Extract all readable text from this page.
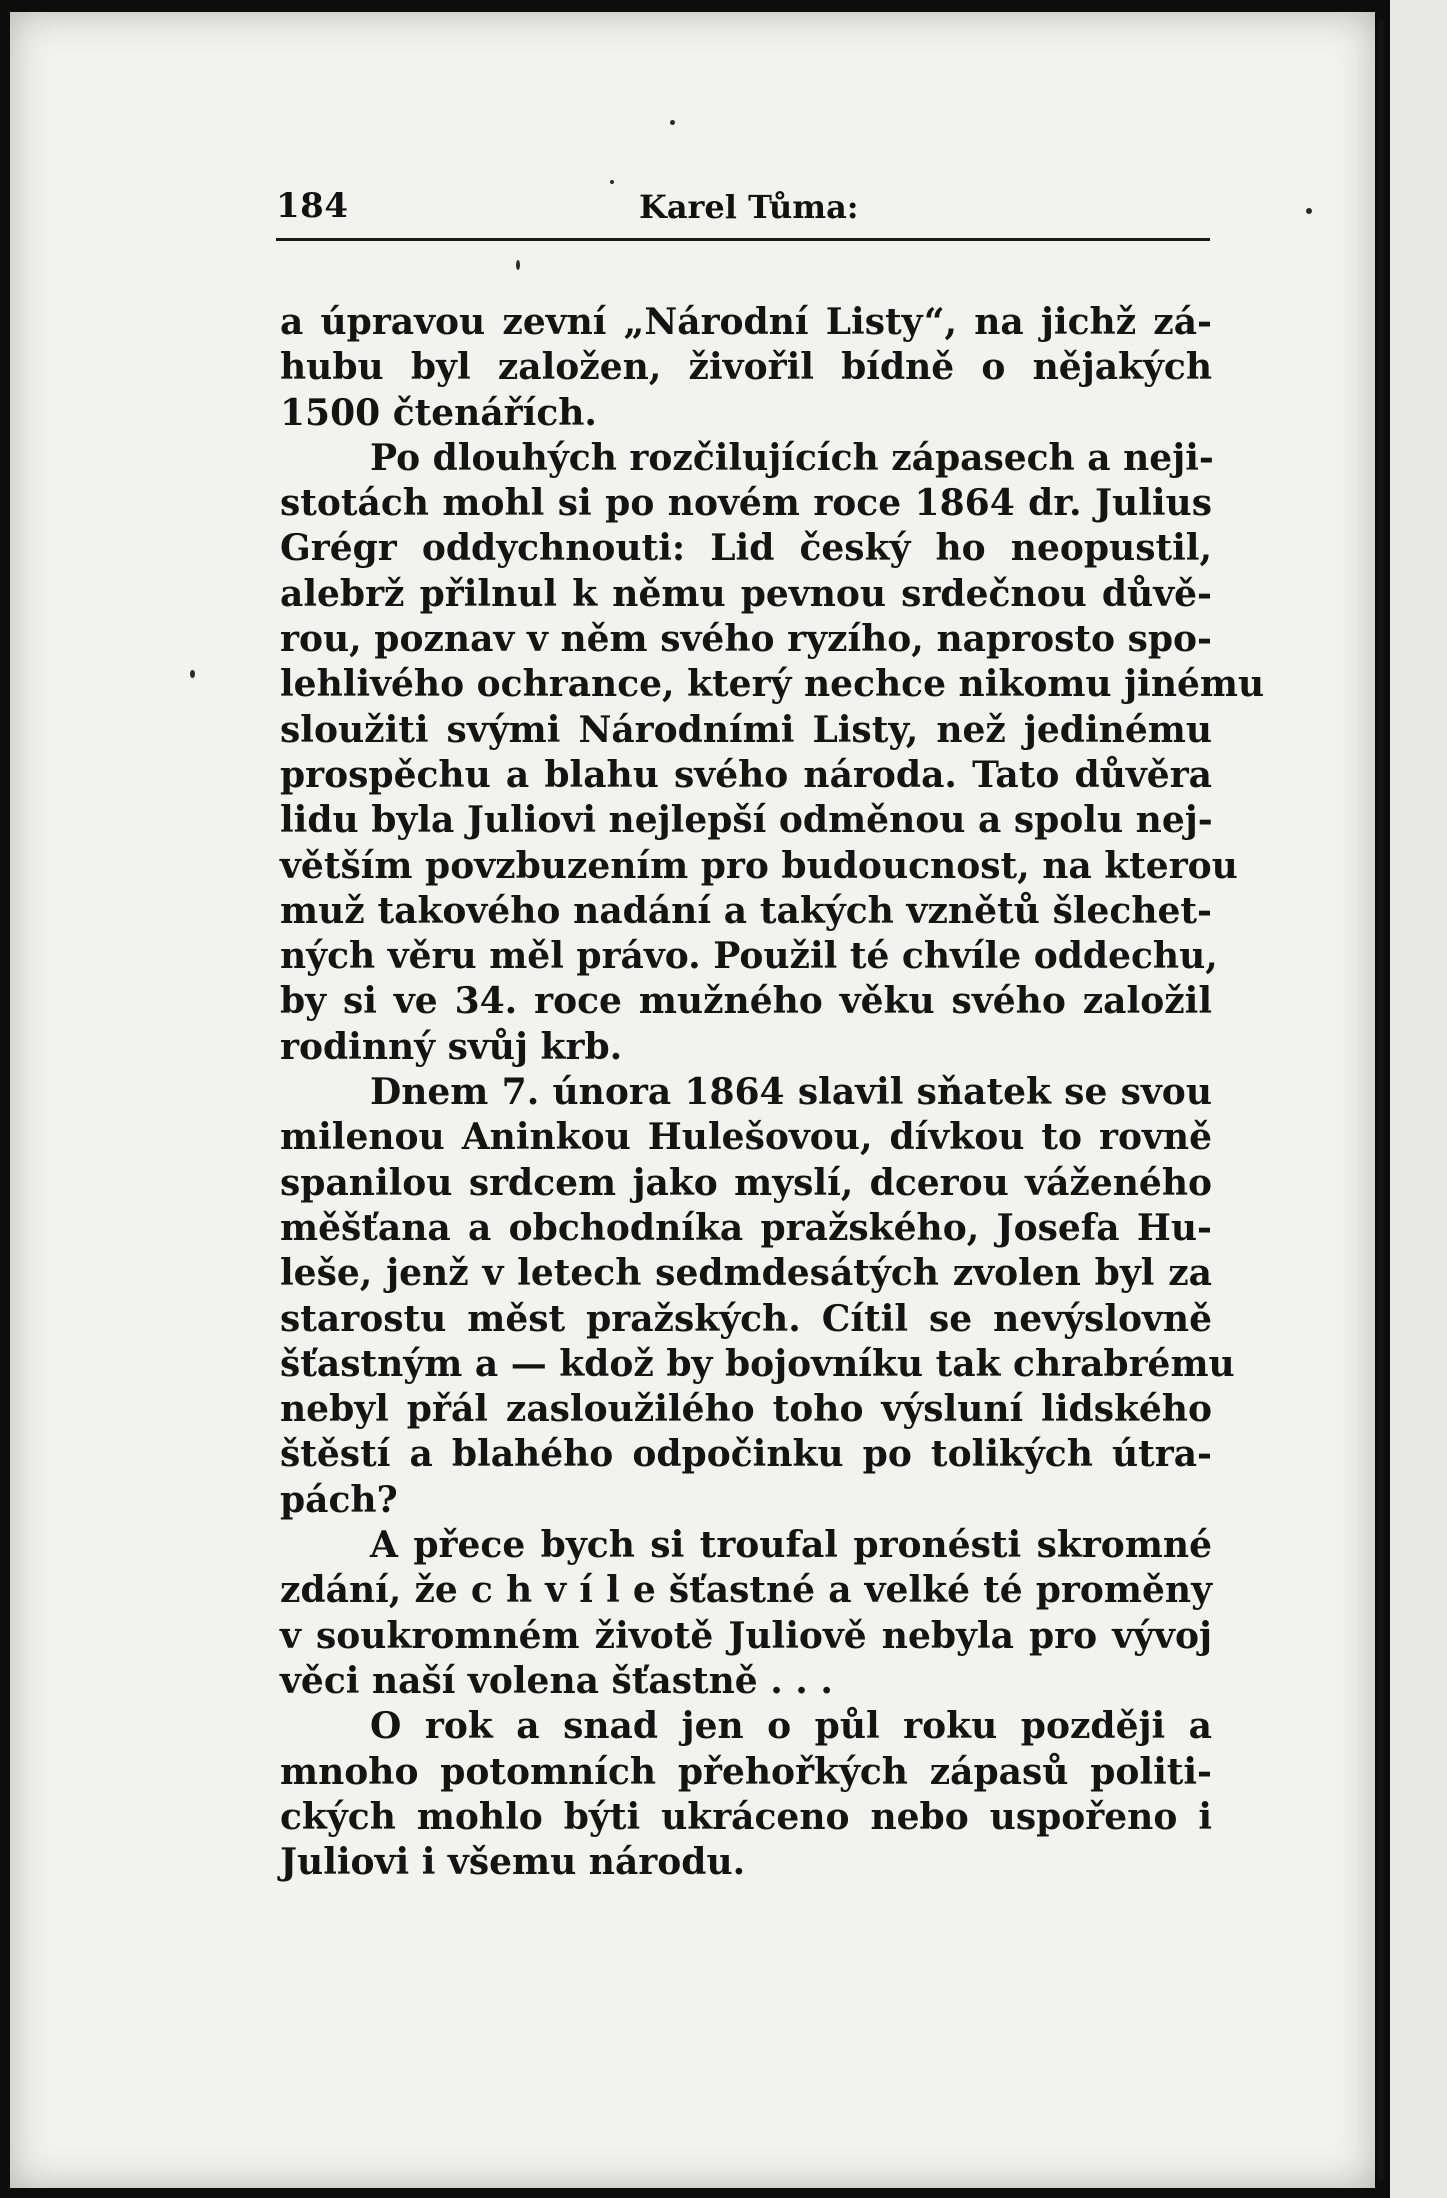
184	Karel Tůma:
a úpravou zevní „Národní Listy“, na jichž zá-
hubu byl založen, živořil bídně o nějakých
1500 čtenářích.
Po dlouhých rozčilujících zápasech a neji-
stotách mohl si po novém roce 1864 dr. Julius
Grégr oddychnouti: Lid český ho neopustil,
alebrž přilnul k němu pevnou srdečnou důvě-
rou, poznav v něm svého ryzího, naprosto spo-
lehlivého ochrance, který nechce nikomu jinému
sloužiti svými Národními Listy, než jedinému
prospěchu a blahu svého národa. Tato důvěra
lidu byla Juliovi nejlepší odměnou a spolu nej-
větším povzbuzením pro budoucnost, na kterou
muž takového nadání a takých vznětů šlechet-
ných věru měl právo. Použil té chvíle oddechu,
by si ve 34. roce mužného věku svého založil
rodinný svůj krb.
Dnem 7. února 1864 slavil sňatek se svou
milenou Aninkou Hulešovou, dívkou to rovně
spanilou srdcem jako myslí, dcerou váženého
měšťana a obchodníka pražského, Josefa Hu-
leše, jenž v letech sedmdesátých zvolen byl za
starostu měst pražských. Cítil se nevýslovně
šťastným a — kdož by bojovníku tak chrabrému
nebyl přál zasloužilého toho výsluní lidského
štěstí a blahého odpočinku po tolikých útra-
pách?
A přece bych si troufal pronésti skromné
zdání, že c h v í l e šťastné a velké té proměny
v soukromném životě Juliově nebyla pro vývoj
věci naší volena šťastně . . .
O rok a snad jen o půl roku později a
mnoho potomních přehořkých zápasů politi-
ckých mohlo býti ukráceno nebo uspořeno i
Juliovi i všemu národu.
